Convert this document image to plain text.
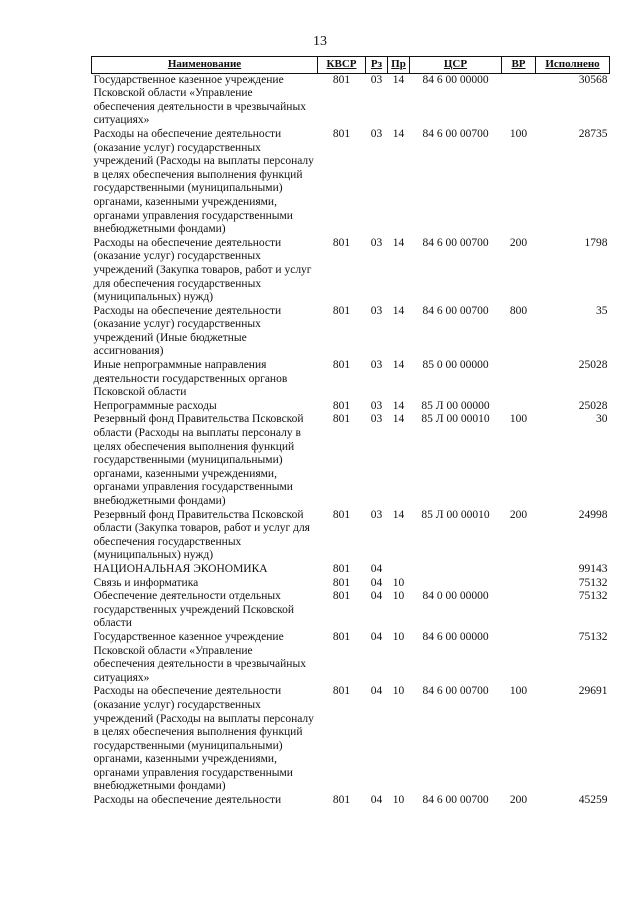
13
Наименование	КВСР	Рз	Пр	ЦСР	ВР	Исполнено
Государственное казенное учреждение Псковской области «Управление обеспечения деятельности в чрезвычайных ситуациях»	801	03	14	84 6 00 00000		30568
Расходы на обеспечение деятельности (оказание услуг) государственных учреждений (Расходы на выплаты персоналу в целях обеспечения выполнения функций государственными (муниципальными) органами, казенными учреждениями, органами управления государственными внебюджетными фондами)	801	03	14	84 6 00 00700	100	28735
Расходы на обеспечение деятельности (оказание услуг) государственных учреждений (Закупка товаров, работ и услуг для обеспечения государственных (муниципальных) нужд)	801	03	14	84 6 00 00700	200	1798
Расходы на обеспечение деятельности (оказание услуг) государственных учреждений (Иные бюджетные ассигнования)	801	03	14	84 6 00 00700	800	35
Иные непрограммные направления деятельности государственных органов Псковской области	801	03	14	85 0 00 00000		25028
Непрограммные расходы	801	03	14	85 Л 00 00000		25028
Резервный фонд Правительства Псковской области (Расходы на выплаты персоналу в целях обеспечения выполнения функций государственными (муниципальными) органами, казенными учреждениями, органами управления государственными внебюджетными фондами)	801	03	14	85 Л 00 00010	100	30
Резервный фонд Правительства Псковской области (Закупка товаров, работ и услуг для обеспечения государственных (муниципальных) нужд)	801	03	14	85 Л 00 00010	200	24998
НАЦИОНАЛЬНАЯ ЭКОНОМИКА	801	04				99143
Связь и информатика	801	04	10			75132
Обеспечение деятельности отдельных государственных учреждений Псковской области	801	04	10	84 0 00 00000		75132
Государственное казенное учреждение Псковской области «Управление обеспечения деятельности в чрезвычайных ситуациях»	801	04	10	84 6 00 00000		75132
Расходы на обеспечение деятельности (оказание услуг) государственных учреждений (Расходы на выплаты персоналу в целях обеспечения выполнения функций государственными (муниципальными) органами, казенными учреждениями, органами управления государственными внебюджетными фондами)	801	04	10	84 6 00 00700	100	29691
Расходы на обеспечение деятельности	801	04	10	84 6 00 00700	200	45259
